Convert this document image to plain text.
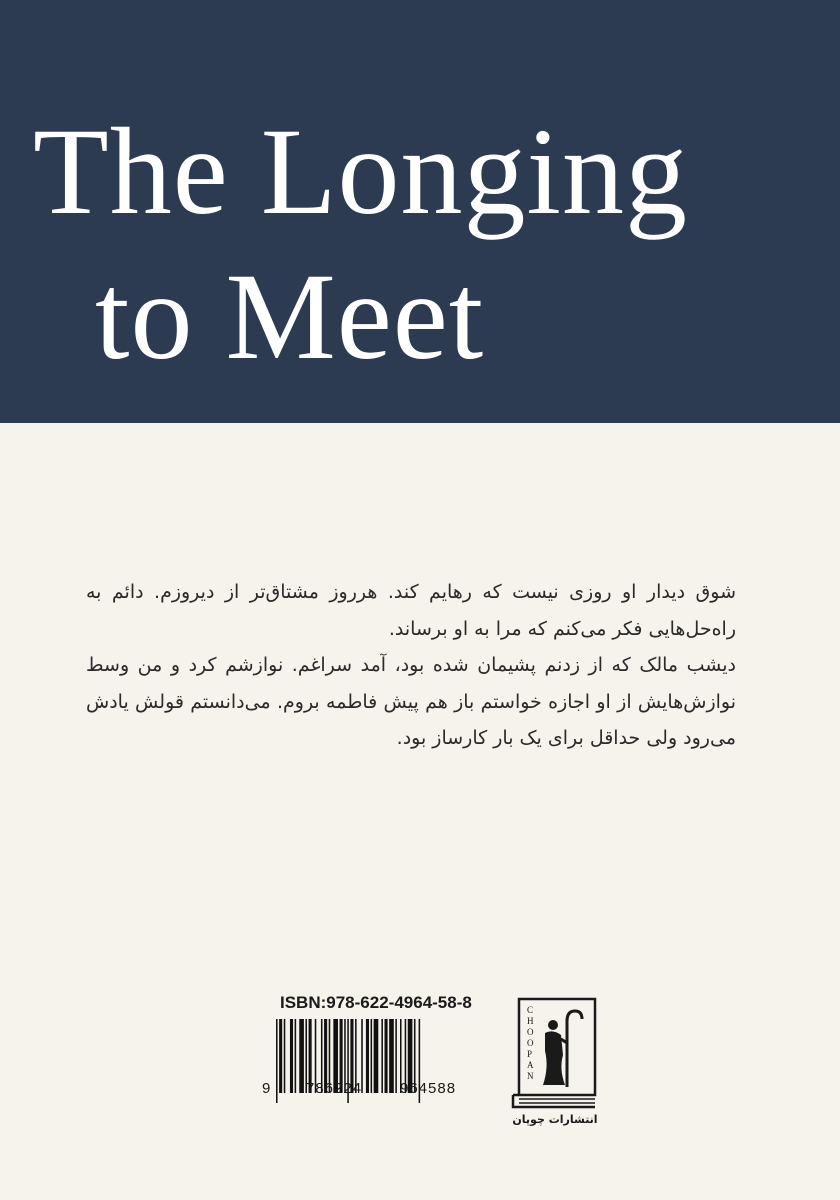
The Longing
to Meet

شوق دیدار او روزی نیست که رهایم کند. هرروز مشتاق‌تر از دیروزم. دائم به راه‌حل‌هایی فکر می‌کنم که مرا به او برساند.

دیشب مالک که از زدنم پشیمان شده بود، آمد سراغم. نوازشم کرد و من وسط نوازش‌هایش از او اجازه خواستم باز هم پیش فاطمه بروم. می‌دانستم قولش یادش می‌رود ولی حداقل برای یک بار کارساز بود.

ISBN:978-622-4964-58-8
9 786224	964588
C H O O P A N
انتشارات چوپان
